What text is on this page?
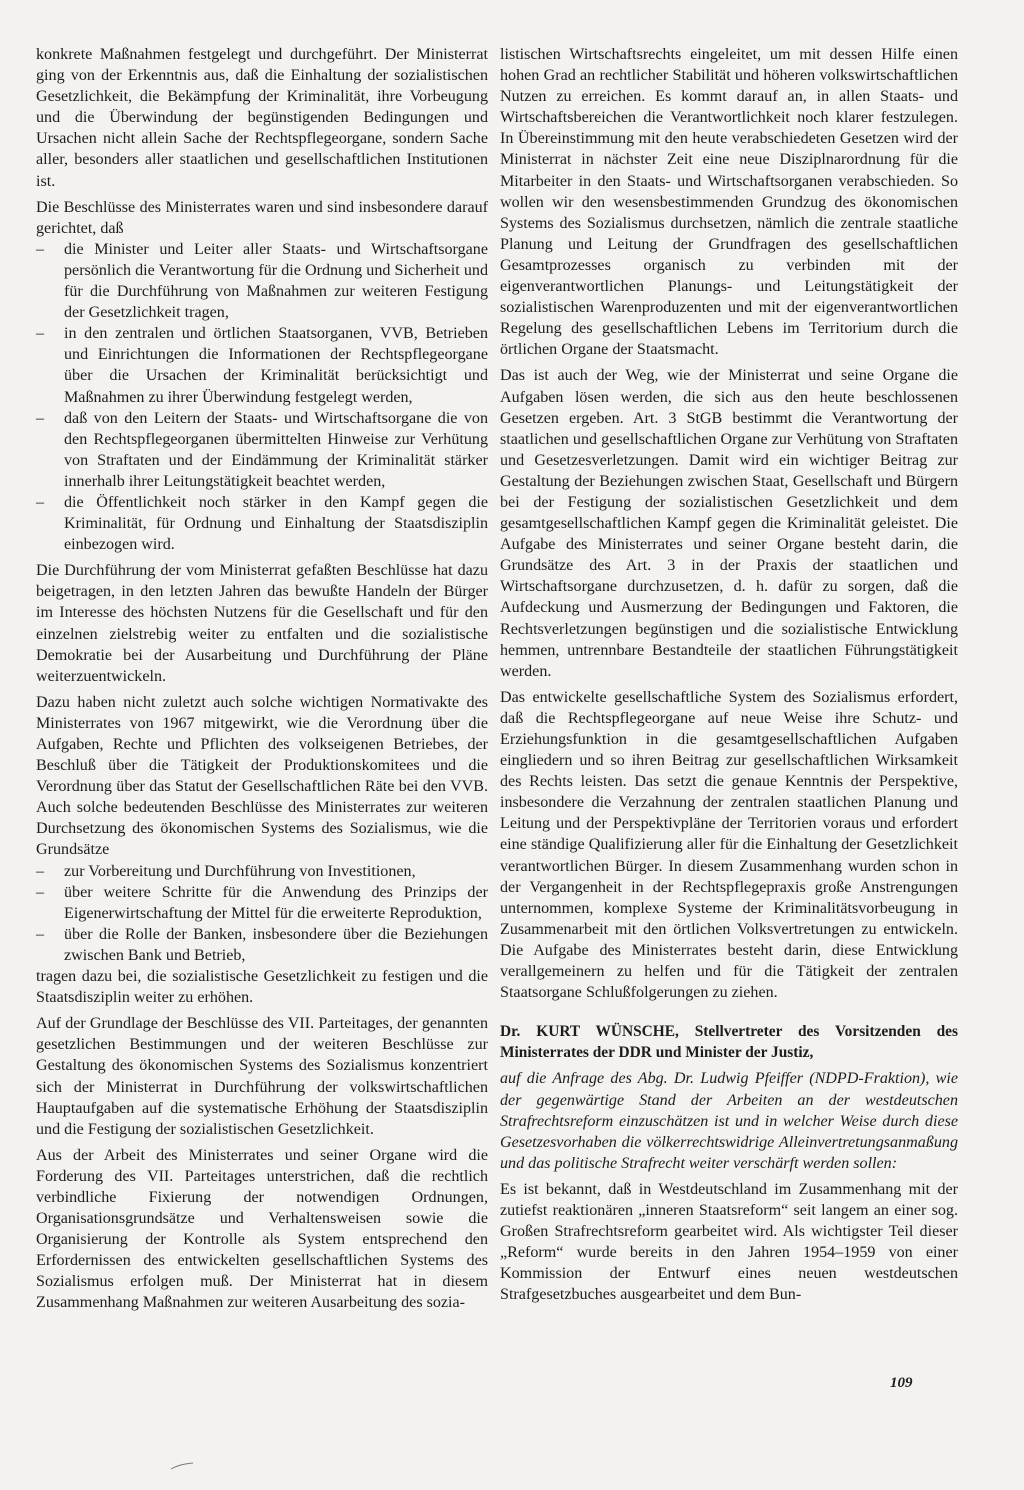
konkrete Maßnahmen festgelegt und durchgeführt. Der Ministerrat ging von der Erkenntnis aus, daß die Einhaltung der sozialistischen Gesetzlichkeit, die Bekämpfung der Kriminalität, ihre Vorbeugung und die Überwindung der begünstigenden Bedingungen und Ursachen nicht allein Sache der Rechtspflegeorgane, sondern Sache aller, besonders aller staatlichen und gesellschaftlichen Institutionen ist.

Die Beschlüsse des Ministerrates waren und sind insbesondere darauf gerichtet, daß

– die Minister und Leiter aller Staats- und Wirtschaftsorgane persönlich die Verantwortung für die Ordnung und Sicherheit und für die Durchführung von Maßnahmen zur weiteren Festigung der Gesetzlichkeit tragen,
– in den zentralen und örtlichen Staatsorganen, VVB, Betrieben und Einrichtungen die Informationen der Rechtspflegeorgane über die Ursachen der Kriminalität berücksichtigt und Maßnahmen zu ihrer Überwindung festgelegt werden,
– daß von den Leitern der Staats- und Wirtschaftsorgane die von den Rechtspflegeorganen übermittelten Hinweise zur Verhütung von Straftaten und der Eindämmung der Kriminalität stärker innerhalb ihrer Leitungstätigkeit beachtet werden,
– die Öffentlichkeit noch stärker in den Kampf gegen die Kriminalität, für Ordnung und Einhaltung der Staatsdisziplin einbezogen wird.

Die Durchführung der vom Ministerrat gefaßten Beschlüsse hat dazu beigetragen, in den letzten Jahren das bewußte Handeln der Bürger im Interesse des höchsten Nutzens für die Gesellschaft und für den einzelnen zielstrebig weiter zu entfalten und die sozialistische Demokratie bei der Ausarbeitung und Durchführung der Pläne weiterzuentwickeln.

Dazu haben nicht zuletzt auch solche wichtigen Normativakte des Ministerrates von 1967 mitgewirkt, wie die Verordnung über die Aufgaben, Rechte und Pflichten des volkseigenen Betriebes, der Beschluß über die Tätigkeit der Produktionskomitees und die Verordnung über das Statut der Gesellschaftlichen Räte bei den VVB. Auch solche bedeutenden Beschlüsse des Ministerrates zur weiteren Durchsetzung des ökonomischen Systems des Sozialismus, wie die Grundsätze

– zur Vorbereitung und Durchführung von Investitionen,
– über weitere Schritte für die Anwendung des Prinzips der Eigenerwirtschaftung der Mittel für die erweiterte Reproduktion,
– über die Rolle der Banken, insbesondere über die Beziehungen zwischen Bank und Betrieb,

tragen dazu bei, die sozialistische Gesetzlichkeit zu festigen und die Staatsdisziplin weiter zu erhöhen.

Auf der Grundlage der Beschlüsse des VII. Parteitages, der genannten gesetzlichen Bestimmungen und der weiteren Beschlüsse zur Gestaltung des ökonomischen Systems des Sozialismus konzentriert sich der Ministerrat in Durchführung der volkswirtschaftlichen Hauptaufgaben auf die systematische Erhöhung der Staatsdisziplin und die Festigung der sozialistischen Gesetzlichkeit.

Aus der Arbeit des Ministerrates und seiner Organe wird die Forderung des VII. Parteitages unterstrichen, daß die rechtlich verbindliche Fixierung der notwendigen Ordnungen, Organisationsgrundsätze und Verhaltensweisen sowie die Organisierung der Kontrolle als System entsprechend den Erfordernissen des entwickelten gesellschaftlichen Systems des Sozialismus erfolgen muß. Der Ministerrat hat in diesem Zusammenhang Maßnahmen zur weiteren Ausarbeitung des sozia-

listischen Wirtschaftsrechts eingeleitet, um mit dessen Hilfe einen hohen Grad an rechtlicher Stabilität und höheren volkswirtschaftlichen Nutzen zu erreichen. Es kommt darauf an, in allen Staats- und Wirtschaftsbereichen die Verantwortlichkeit noch klarer festzulegen. In Übereinstimmung mit den heute verabschiedeten Gesetzen wird der Ministerrat in nächster Zeit eine neue Disziplnarordnung für die Mitarbeiter in den Staats- und Wirtschaftsorganen verabschieden. So wollen wir den wesensbestimmenden Grundzug des ökonomischen Systems des Sozialismus durchsetzen, nämlich die zentrale staatliche Planung und Leitung der Grundfragen des gesellschaftlichen Gesamtprozesses organisch zu verbinden mit der eigenverantwortlichen Planungs- und Leitungstätigkeit der sozialistischen Warenproduzenten und mit der eigenverantwortlichen Regelung des gesellschaftlichen Lebens im Territorium durch die örtlichen Organe der Staatsmacht.

Das ist auch der Weg, wie der Ministerrat und seine Organe die Aufgaben lösen werden, die sich aus den heute beschlossenen Gesetzen ergeben. Art. 3 StGB bestimmt die Verantwortung der staatlichen und gesellschaftlichen Organe zur Verhütung von Straftaten und Gesetzesverletzungen. Damit wird ein wichtiger Beitrag zur Gestaltung der Beziehungen zwischen Staat, Gesellschaft und Bürgern bei der Festigung der sozialistischen Gesetzlichkeit und dem gesamtgesellschaftlichen Kampf gegen die Kriminalität geleistet. Die Aufgabe des Ministerrates und seiner Organe besteht darin, die Grundsätze des Art. 3 in der Praxis der staatlichen und Wirtschaftsorgane durchzusetzen, d. h. dafür zu sorgen, daß die Aufdeckung und Ausmerzung der Bedingungen und Faktoren, die Rechtsverletzungen begünstigen und die sozialistische Entwicklung hemmen, untrennbare Bestandteile der staatlichen Führungstätigkeit werden.

Das entwickelte gesellschaftliche System des Sozialismus erfordert, daß die Rechtspflegeorgane auf neue Weise ihre Schutz- und Erziehungsfunktion in die gesamtgesellschaftlichen Aufgaben eingliedern und so ihren Beitrag zur gesellschaftlichen Wirksamkeit des Rechts leisten. Das setzt die genaue Kenntnis der Perspektive, insbesondere die Verzahnung der zentralen staatlichen Planung und Leitung und der Perspektivpläne der Territorien voraus und erfordert eine ständige Qualifizierung aller für die Einhaltung der Gesetzlichkeit verantwortlichen Bürger. In diesem Zusammenhang wurden schon in der Vergangenheit in der Rechtspflegepraxis große Anstrengungen unternommen, komplexe Systeme der Kriminalitätsvorbeugung in Zusammenarbeit mit den örtlichen Volksvertretungen zu entwickeln. Die Aufgabe des Ministerrates besteht darin, diese Entwicklung verallgemeinern zu helfen und für die Tätigkeit der zentralen Staatsorgane Schlußfolgerungen zu ziehen.

Dr. KURT WÜNSCHE, Stellvertreter des Vorsitzenden des Ministerrates der DDR und Minister der Justiz,

auf die Anfrage des Abg. Dr. Ludwig Pfeiffer (NDPD-Fraktion), wie der gegenwärtige Stand der Arbeiten an der westdeutschen Strafrechtsreform einzuschätzen ist und in welcher Weise durch diese Gesetzesvorhaben die völkerrechtswidrige Alleinvertretungsanmaßung und das politische Strafrecht weiter verschärft werden sollen:

Es ist bekannt, daß in Westdeutschland im Zusammenhang mit der zutiefst reaktionären „inneren Staatsreform“ seit langem an einer sog. Großen Strafrechtsreform gearbeitet wird. Als wichtigster Teil dieser „Reform“ wurde bereits in den Jahren 1954–1959 von einer Kommission der Entwurf eines neuen westdeutschen Strafgesetzbuches ausgearbeitet und dem Bun-

109
